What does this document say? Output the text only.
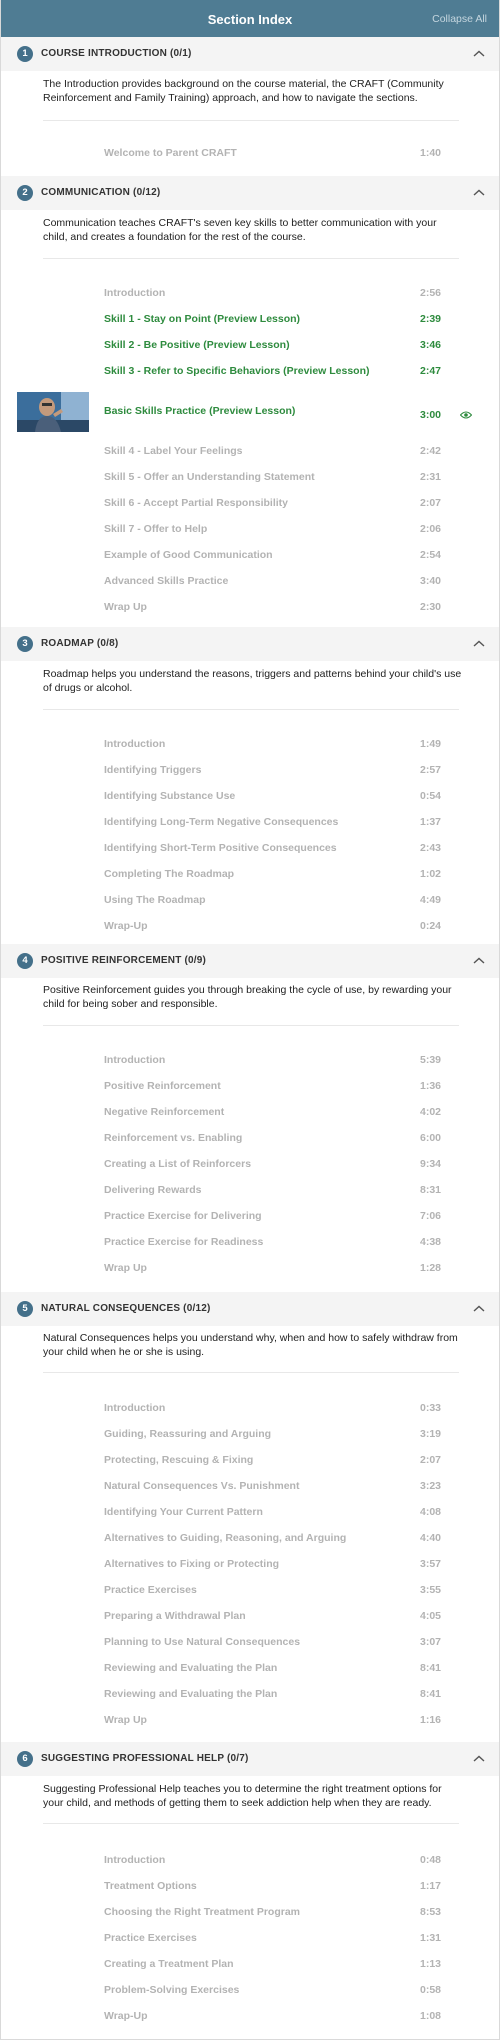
Section Index	Collapse All
1	COURSE INTRODUCTION (0/1)
The Introduction provides background on the course material, the CRAFT (Community Reinforcement and Family Training) approach, and how to navigate the sections.
Welcome to Parent CRAFT	1:40
2	COMMUNICATION (0/12)
Communication teaches CRAFT's seven key skills to better communication with your child, and creates a foundation for the rest of the course.
Introduction	2:56
Skill 1 - Stay on Point (Preview Lesson)	2:39
Skill 2 - Be Positive (Preview Lesson)	3:46
Skill 3 - Refer to Specific Behaviors (Preview Lesson)	2:47
Basic Skills Practice (Preview Lesson)	3:00
Skill 4 - Label Your Feelings	2:42
Skill 5 - Offer an Understanding Statement	2:31
Skill 6 - Accept Partial Responsibility	2:07
Skill 7 - Offer to Help	2:06
Example of Good Communication	2:54
Advanced Skills Practice	3:40
Wrap Up	2:30
3	ROADMAP (0/8)
Roadmap helps you understand the reasons, triggers and patterns behind your child's use of drugs or alcohol.
Introduction	1:49
Identifying Triggers	2:57
Identifying Substance Use	0:54
Identifying Long-Term Negative Consequences	1:37
Identifying Short-Term Positive Consequences	2:43
Completing The Roadmap	1:02
Using The Roadmap	4:49
Wrap-Up	0:24
4	POSITIVE REINFORCEMENT (0/9)
Positive Reinforcement guides you through breaking the cycle of use, by rewarding your child for being sober and responsible.
Introduction	5:39
Positive Reinforcement	1:36
Negative Reinforcement	4:02
Reinforcement vs. Enabling	6:00
Creating a List of Reinforcers	9:34
Delivering Rewards	8:31
Practice Exercise for Delivering	7:06
Practice Exercise for Readiness	4:38
Wrap Up	1:28
5	NATURAL CONSEQUENCES (0/12)
Natural Consequences helps you understand why, when and how to safely withdraw from your child when he or she is using.
Introduction	0:33
Guiding, Reassuring and Arguing	3:19
Protecting, Rescuing & Fixing	2:07
Natural Consequences Vs. Punishment	3:23
Identifying Your Current Pattern	4:08
Alternatives to Guiding, Reasoning, and Arguing	4:40
Alternatives to Fixing or Protecting	3:57
Practice Exercises	3:55
Preparing a Withdrawal Plan	4:05
Planning to Use Natural Consequences	3:07
Reviewing and Evaluating the Plan	8:41
Reviewing and Evaluating the Plan	8:41
Wrap Up	1:16
6	SUGGESTING PROFESSIONAL HELP (0/7)
Suggesting Professional Help teaches you to determine the right treatment options for your child, and methods of getting them to seek addiction help when they are ready.
Introduction	0:48
Treatment Options	1:17
Choosing the Right Treatment Program	8:53
Practice Exercises	1:31
Creating a Treatment Plan	1:13
Problem-Solving Exercises	0:58
Wrap-Up	1:08
